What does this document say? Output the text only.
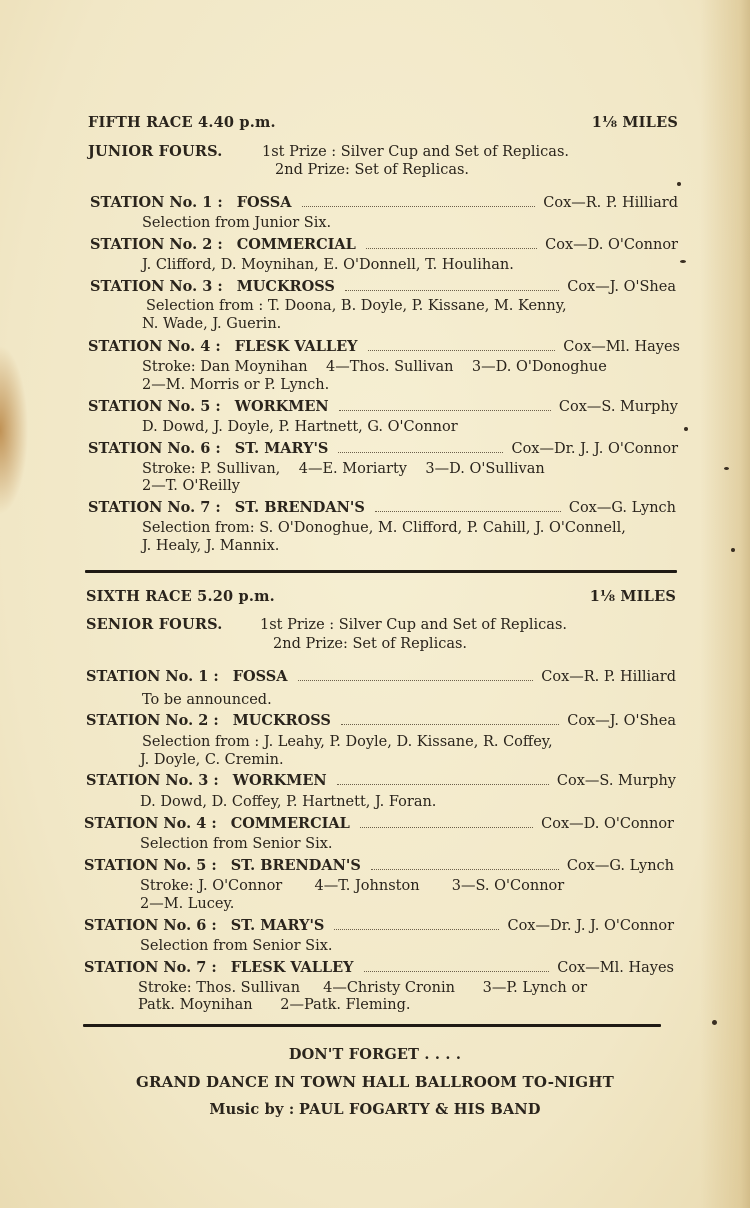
FIFTH RACE 4.40 p.m.	1⅛ MILES
JUNIOR FOURS.	1st Prize : Silver Cup and Set of Replicas.
2nd Prize: Set of Replicas.
STATION No. 1 : FOSSA	Cox—R. P. Hilliard
Selection from Junior Six.
STATION No. 2 : COMMERCIAL	Cox—D. O'Connor
J. Clifford, D. Moynihan, E. O'Donnell, T. Houlihan.
STATION No. 3 : MUCKROSS	Cox—J. O'Shea
Selection from : T. Doona, B. Doyle, P. Kissane, M. Kenny,
N. Wade, J. Guerin.
STATION No. 4 : FLESK VALLEY	Cox—Ml. Hayes
Stroke: Dan Moynihan    4—Thos. Sullivan    3—D. O'Donoghue
2—M. Morris or P. Lynch.
STATION No. 5 : WORKMEN	Cox—S. Murphy
D. Dowd, J. Doyle, P. Hartnett, G. O'Connor
STATION No. 6 : ST. MARY'S	Cox—Dr. J. J. O'Connor
Stroke: P. Sullivan,    4—E. Moriarty    3—D. O'Sullivan
2—T. O'Reilly
STATION No. 7 : ST. BRENDAN'S	Cox—G. Lynch
Selection from: S. O'Donoghue, M. Clifford, P. Cahill, J. O'Connell,
J. Healy, J. Mannix.
SIXTH RACE 5.20 p.m.	1⅛ MILES
SENIOR FOURS.	1st Prize : Silver Cup and Set of Replicas.
2nd Prize: Set of Replicas.
STATION No. 1 : FOSSA	Cox—R. P. Hilliard
To be announced.
STATION No. 2 : MUCKROSS	Cox—J. O'Shea
Selection from : J. Leahy, P. Doyle, D. Kissane, R. Coffey,
J. Doyle, C. Cremin.
STATION No. 3 : WORKMEN	Cox—S. Murphy
D. Dowd, D. Coffey, P. Hartnett, J. Foran.
STATION No. 4 : COMMERCIAL	Cox—D. O'Connor
Selection from Senior Six.
STATION No. 5 : ST. BRENDAN'S	Cox—G. Lynch
Stroke: J. O'Connor       4—T. Johnston       3—S. O'Connor
2—M. Lucey.
STATION No. 6 : ST. MARY'S	Cox—Dr. J. J. O'Connor
Selection from Senior Six.
STATION No. 7 : FLESK VALLEY	Cox—Ml. Hayes
Stroke: Thos. Sullivan     4—Christy Cronin      3—P. Lynch or
Patk. Moynihan      2—Patk. Fleming.
DON'T FORGET . . . .
GRAND DANCE IN TOWN HALL BALLROOM TO-NIGHT
Music by : PAUL FOGARTY & HIS BAND
